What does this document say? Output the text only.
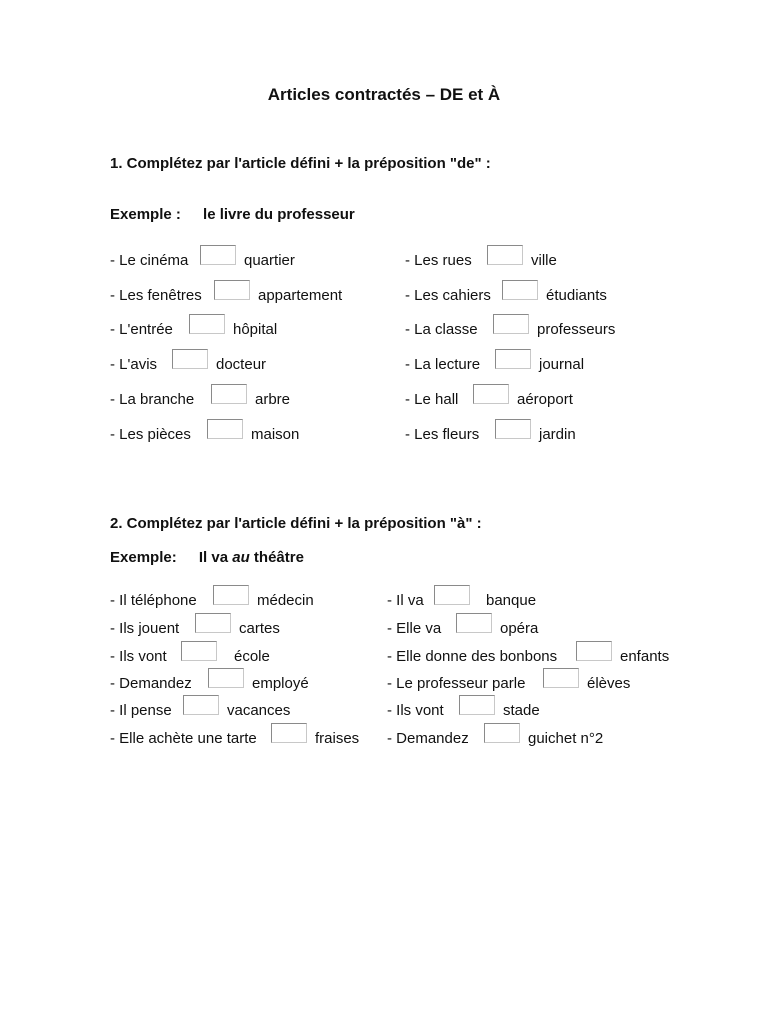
Articles contractés – DE et À
1. Complétez par l'article défini + la préposition "de" :
Exemple : le livre du professeur
- Le cinéma	quartier
- Les fenêtres	appartement
- L'entrée	hôpital
- L'avis	docteur
- La branche	arbre
- Les pièces	maison
- Les rues	ville
- Les cahiers	étudiants
- La classe	professeurs
- La lecture	journal
- Le hall	aéroport
- Les fleurs	jardin
2. Complétez par l'article défini + la préposition "à" :
Exemple: Il va au théâtre
- Il téléphone	médecin
- Ils jouent	cartes
- Ils vont	école
- Demandez	employé
- Il pense	vacances
- Elle achète une tarte	fraises
- Il va	banque
- Elle va	opéra
- Elle donne des bonbons	enfants
- Le professeur parle	élèves
- Ils vont	stade
- Demandez	guichet n°2
